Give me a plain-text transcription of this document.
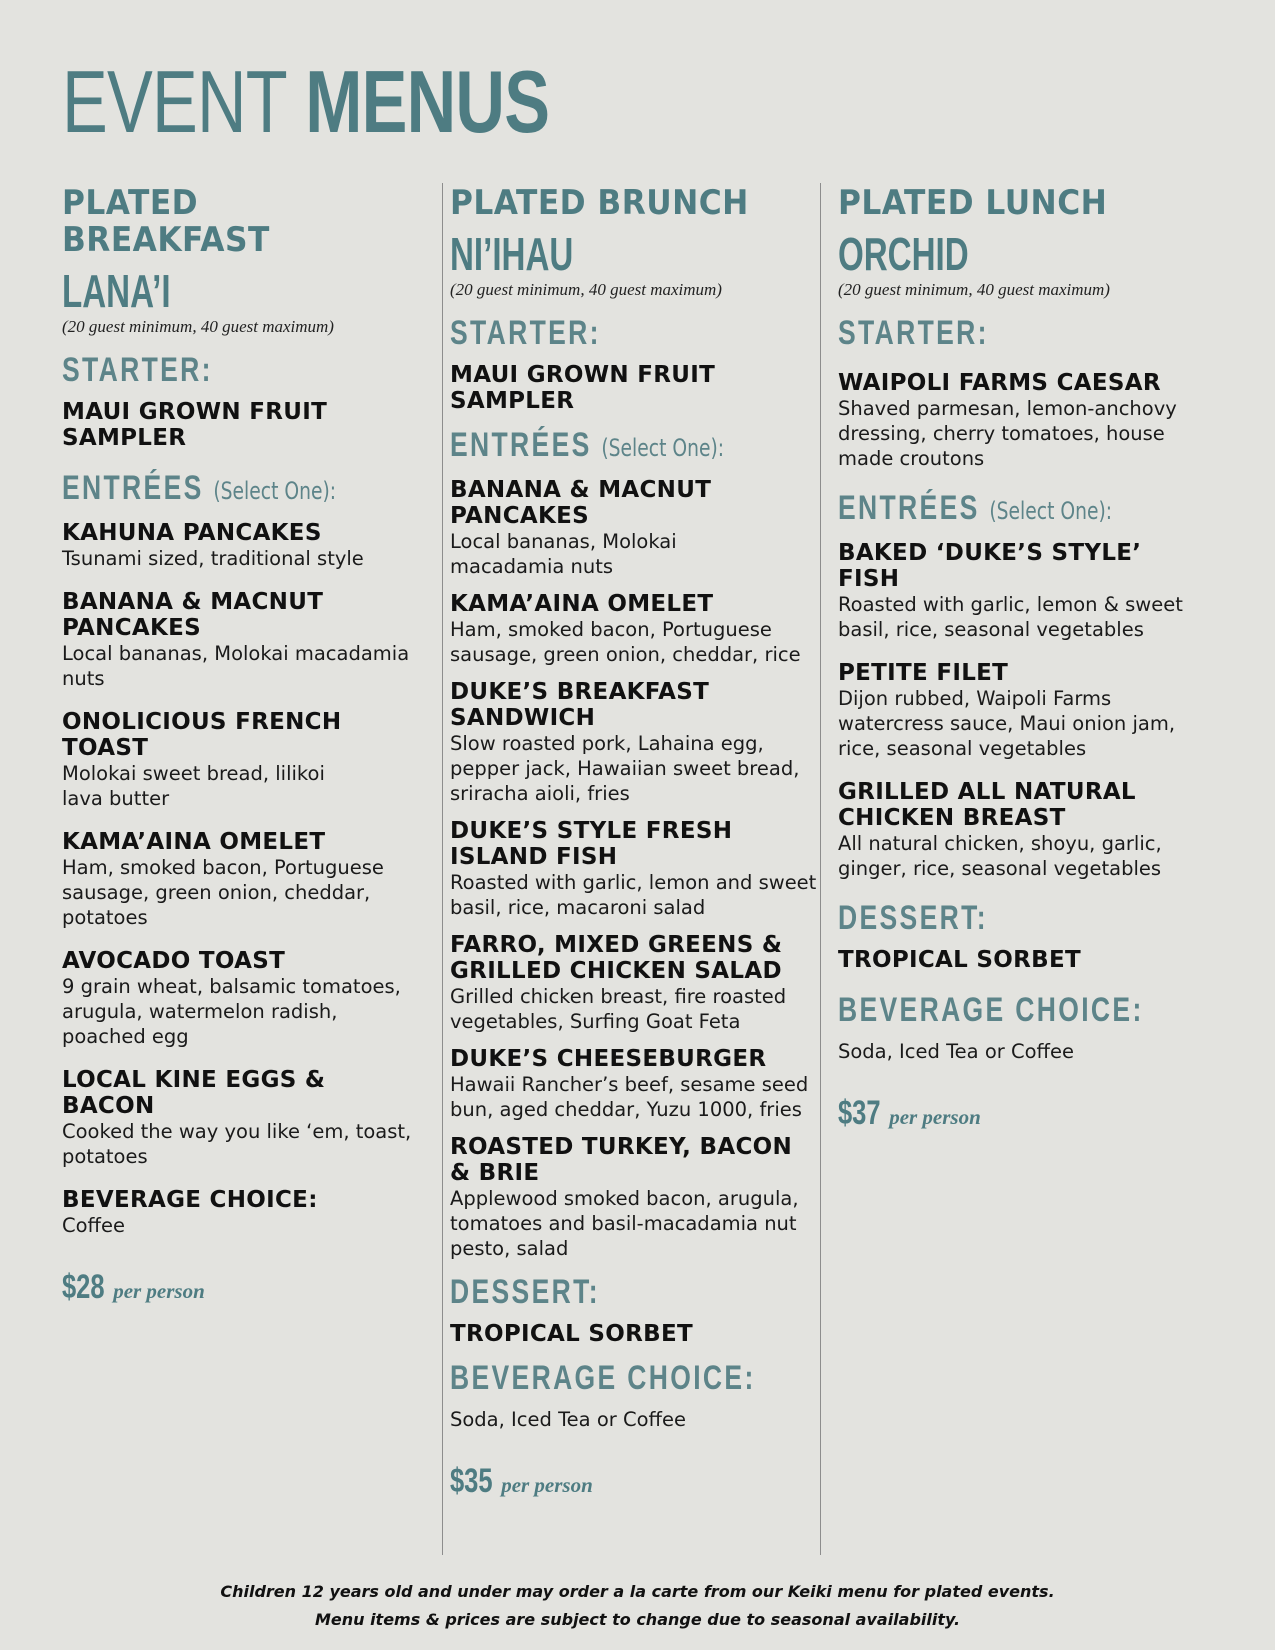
EVENT MENUS
PLATED
BREAKFAST
LANA’I

(20 guest minimum, 40 guest maximum)

STARTER:

MAUI GROWN FRUIT SAMPLER

ENTRÉES (Select One):

KAHUNA PANCAKES

Tsunami sized, traditional style

BANANA & MACNUT PANCAKES

Local bananas, Molokai macadamia nuts

ONOLICIOUS FRENCH TOAST

Molokai sweet bread, lilikoi lava butter

KAMA’AINA OMELET

Ham, smoked bacon, Portuguese sausage, green onion, cheddar, potatoes

AVOCADO TOAST

9 grain wheat, balsamic tomatoes, arugula, watermelon radish, poached egg

LOCAL KINE EGGS & BACON

Cooked the way you like ‘em, toast, potatoes

BEVERAGE CHOICE:

Coffee

$28 per person
PLATED BRUNCH
NI’IHAU

(20 guest minimum, 40 guest maximum)

STARTER:

MAUI GROWN FRUIT SAMPLER

ENTRÉES (Select One):

BANANA & MACNUT PANCAKES

Local bananas, Molokai macadamia nuts

KAMA’AINA OMELET

Ham, smoked bacon, Portuguese sausage, green onion, cheddar, rice

DUKE’S BREAKFAST SANDWICH

Slow roasted pork, Lahaina egg, pepper jack, Hawaiian sweet bread, sriracha aioli, fries

DUKE’S STYLE FRESH ISLAND FISH

Roasted with garlic, lemon and sweet basil, rice, macaroni salad

FARRO, MIXED GREENS & GRILLED CHICKEN SALAD

Grilled chicken breast, fire roasted vegetables, Surfing Goat Feta

DUKE’S CHEESEBURGER

Hawaii Rancher’s beef, sesame seed bun, aged cheddar, Yuzu 1000, fries

ROASTED TURKEY, BACON & BRIE

Applewood smoked bacon, arugula, tomatoes and basil-macadamia nut pesto, salad

DESSERT:

TROPICAL SORBET

BEVERAGE CHOICE:

Soda, Iced Tea or Coffee

$35 per person
PLATED LUNCH
ORCHID

(20 guest minimum, 40 guest maximum)

STARTER:

WAIPOLI FARMS CAESAR

Shaved parmesan, lemon-anchovy dressing, cherry tomatoes, house made croutons

ENTRÉES (Select One):

BAKED ‘DUKE’S STYLE’ FISH

Roasted with garlic, lemon & sweet basil, rice, seasonal vegetables

PETITE FILET

Dijon rubbed, Waipoli Farms watercress sauce, Maui onion jam, rice, seasonal vegetables

GRILLED ALL NATURAL CHICKEN BREAST

All natural chicken, shoyu, garlic, ginger, rice, seasonal vegetables

DESSERT:

TROPICAL SORBET

BEVERAGE CHOICE:

Soda, Iced Tea or Coffee

$37 per person
Children 12 years old and under may order a la carte from our Keiki menu for plated events.
Menu items & prices are subject to change due to seasonal availability.
